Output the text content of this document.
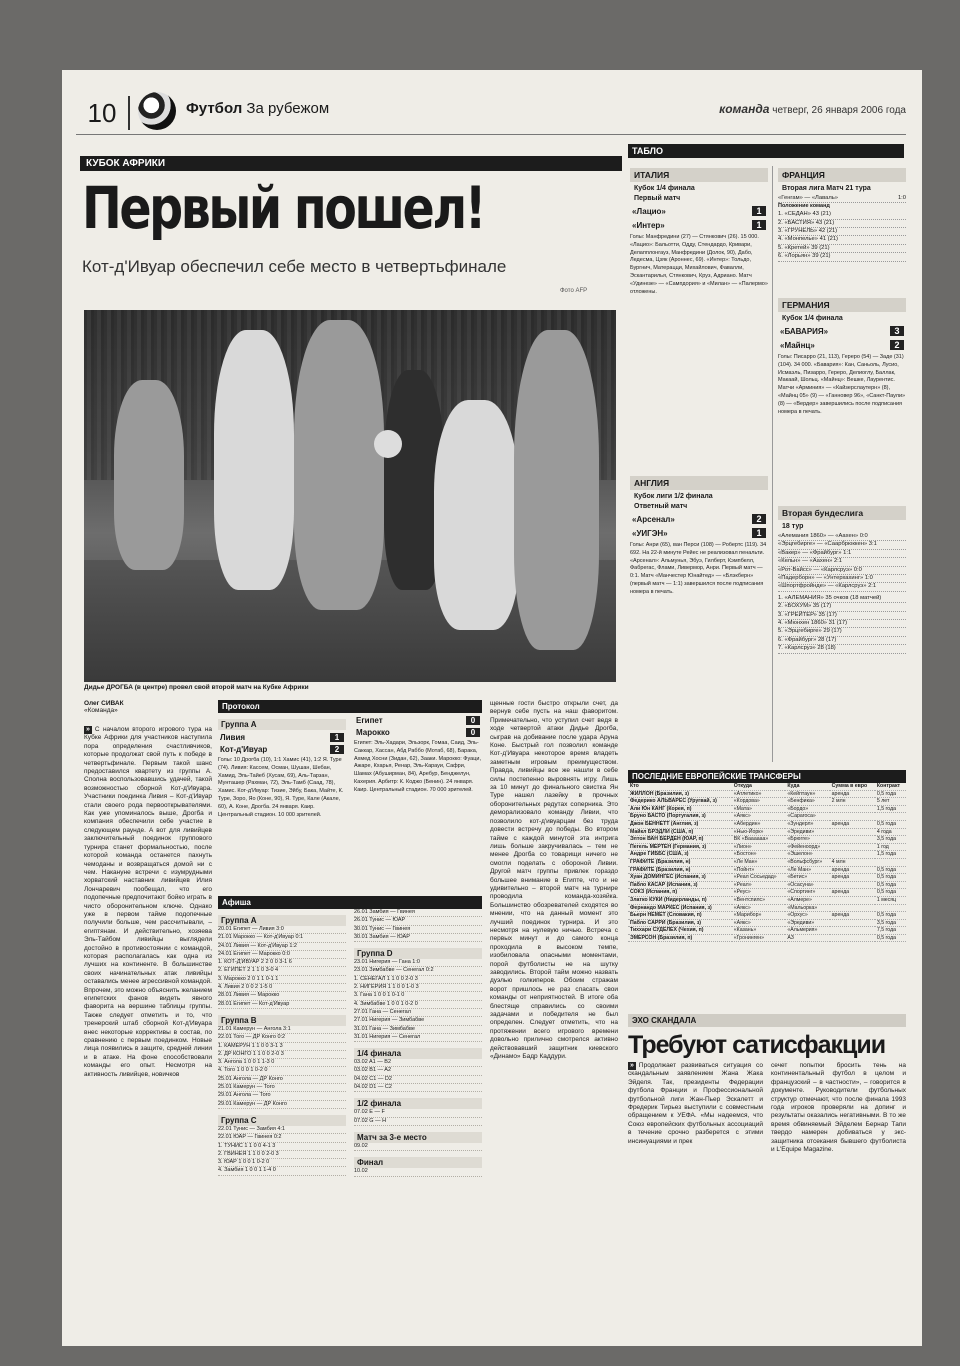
10	Футбол За рубежом	команда четверг, 26 января 2006 года
КУБОК АФРИКИ
Первый пошел!
Кот-д'Ивуар обеспечил себе место в четвертьфинале
Фото AFP
Дидье ДРОГБА (в центре) провел свой второй матч на Кубке Африки
ТАБЛО
ИТАЛИЯ
Кубок 1/4 финала
Первый матч
«Лацио»	1
«Интер»	1
Голы: Манфредини (27) — Стянкович (26). 15 000. «Лацио»: Бальотти, Одду, Стендардо, Кривари, Делапплонгауз, Манфредини (Долок, 90), Дабо, Ледесма, Цзяк (Ароннес, 69). «Интер»: Тольдо, Бургнич, Матерацци, Михайлович, Фавалли, Эскантарилья, Стянкович, Круз, Адриано. Матч «Удинезе» — «Сампдория» и «Милан» — «Палермо» отложены.
АНГЛИЯ
Кубок лиги 1/2 финала
Ответный матч
«Арсенал»	2
«УИГЭН»	1
Голы: Анри (65), ван Перси (108) — Робертс (119). 34 692. На 22-й минуте Рейес не реализовал пенальти. «Арсенал»: Альмунья, Эбуэ, Гилберт, Кэмпбелл, Фабрегас, Флами, Ливермор, Анри. Первый матч — 0:1. Матч «Манчестер Юнайтед» — «Блэкберн» (первый матч — 1:1) завершился после подписания номера в печать.
ФРАНЦИЯ
Вторая лига Матч 21 тура
«Генгам» — «Лаваль»	1:0
Положение команд
1. «СЕДАН» 43 (21)
2. «БАСТИЯ» 43 (21)
3. «ГРУНЕЛЬ» 42 (21)
4. «Монпелье» 41 (21)
5. «Кретей» 39 (21)
6. «Лорьян» 39 (21)
ГЕРМАНИЯ
Кубок 1/4 финала
«БАВАРИЯ»	3
«Майнц»	2
Голы: Писарро (21, 113), Гереро (54) — Заде (31) (104). 34 000. «Бавария»: Кан, Саньоль, Лусио, Исмаэль, Пизарро, Гереро, Делиоглу, Баллак, Макаай, Шольц. «Майнц»: Вешке, Лаурентис. Матчи «Арминия» — «Кайзерслаутерн» (8), «Майнц 05» (9) — «Ганновер 96», «Санкт-Паули» (8) — «Вердер» завершились после подписания номера в печать.
Вторая бундеслига
18 тур
«Алемания 1860» — «Аахен» 0:0
«Эрцгебирге» — «Саарбрюккен» 3:1
«Вакер» — «Фрайбург» 1:1
«Кельн» — «Аахен» 2:1
«Рот-Вайсс» — «Карлсруэ» 0:0
«Падерборн» — «Унтерхахинг» 1:0
«Шпортфройнде» — «Карлсруэ» 2:1
1. «АЛЕМАНИЯ» 35 очков (18 матчей)
2. «БОХУМ» 35 (17)
3. «ГРЕЙТЕР» 35 (17)
4. «Мюнхен 1860» 31 (17)
5. «Эрцгебирге» 29 (17)
6. «Фрайбург» 28 (17)
7. «Карлсруэ» 28 (18)
Олег СИВАК
«Команда»
» С началом второго игрового тура на Кубке Африки для участников наступила пора определения счастливчиков, которые продолжат свой путь к победе в четвертьфинале. Первым такой шанс предоставился квартету из группы А. Сполна воспользовавшись удачей, такой возможностью сборной Кот-д'Ивуара. Участники поединка Ливия – Кот-д'Ивуар стали своего рода первооткрывателями. Как уже упоминалось выше, Дрогба и компания обеспечили себе участие в следующем раунде. А вот для ливийцев заключительный поединок группового турнира станет формальностью, после которой команда останется пахнуть чемоданы и возвращаться домой ни с чем. Накануне встречи с изумрудными хорватский наставник ливийцев Илия Лончаревич пообещал, что его подопечные предпочитают бойко играть в чисто оборонительном ключе. Однако уже в первом тайме подопечные получили больше, чем рассчитывали, – египтянам. И действительно, хозяева Эль-Тайбом ливийцы выглядели достойно в противостоянии с командой, которая располагалась как одна из лучших на континенте. В большинстве своих начинательных атак ливийцы оставались менее агрессивной командой. Впрочем, это можно объяснить желанием египетских фанов видеть явного фаворита на вершине таблицы группы. Также следует отметить и то, что тренерский штаб сборной Кот-д'Ивуара внес некоторые коррективы в состав, по сравнению с первым поединком. Новые лица появились в защите, средней линии и в атаке. На фоне способствовали команды его опыт. Несмотря на активность ливийцев, новичков
Протокол
Группа А
Ливия	1
Кот-д'Ивуар	2
Голы: 10 Дрогба (10), 1:1 Хамис (41), 1:2 Я. Туре (74). Ливия: Кассем, Осман, Шушан, Шебан, Хамид, Эль-Тайеб (Хусам, 69), Аль-Тарзан, Мунташер (Рахман, 72), Эль-Тамб (Саад, 78), Хамис. Кот-д'Ивуар: Тизие, Эйбу, Бака, Майте, К. Туре, Зоро, Яо (Коне, 90), Я. Туре, Кале (Акале, 60), А. Коне, Дрогба. 24 января. Каир. Центральный стадион. 10 000 зрителей.
Египет	0
Марокко	0
Египет: Эль-Хадари, Эльзорк, Гомаа, Саид, Эль-Саккар, Хассан, Абд Раббо (Мотаб, 68), Барака, Ахмед Хосни (Зидан, 62), Зааки. Марокко: Фуаци, Ажаре, Кхарья, Ренар, Эль-Карауи, Сафри, Шамах (Абуширман, 84), Аребур, Бенджелун, Кахерия. Арбитр: К. Коджо (Бенин). 24 января. Каир. Центральный стадион. 70 000 зрителей.
Афиша
Группа А
20.01 Египет — Ливия 3:0
21.01 Марокко — Кот-д'Ивуар 0:1
24.01 Ливия — Кот-д'Ивуар 1:2
24.01 Египет — Марокко 0:0
1. КОТ-Д'ИВУАР 2 2 0 0 3-1 6
2. ЕГИПЕТ 2 1 1 0 3-0 4
3. Марокко 2 0 1 1 0-1 1
4. Ливия 2 0 0 2 1-5 0
28.01 Ливия — Марокко
28.01 Египет — Кот-д'Ивуар
Группа В
21.01 Камерун — Ангола 3:1
22.01 Того — ДР Конго 0:2
1. КАМЕРУН 1 1 0 0 3-1 3
2. ДР КОНГО 1 1 0 0 2-0 3
3. Ангола 1 0 0 1 1-3 0
4. Того 1 0 0 1 0-2 0
25.01 Ангола — ДР Конго
25.01 Камерун — Того
29.01 Ангола — Того
29.01 Камерун — ДР Конго
Группа С
22.01 Тунис — Замбия 4:1
22.01 ЮАР — Гвинея 0:2
1. ТУНИС 1 1 0 0 4-1 3
2. ГВИНЕЯ 1 1 0 0 2-0 3
3. ЮАР 1 0 0 1 0-2 0
4. Замбия 1 0 0 1 1-4 0
26.01 Замбия — Гвинея
26.01 Тунис — ЮАР
30.01 Тунис — Гвинея
30.01 Замбия — ЮАР
Группа D
23.01 Нигерия — Гана 1:0
23.01 Зимбабве — Сенегал 0:2
1. СЕНЕГАЛ 1 1 0 0 2-0 3
2. НИГЕРИЯ 1 1 0 0 1-0 3
3. Гана 1 0 0 1 0-1 0
4. Зимбабве 1 0 0 1 0-2 0
27.01 Гана — Сенегал
27.01 Нигерия — Зимбабве
31.01 Гана — Зимбабве
31.01 Нигерия — Сенегал
1/4 финала
03.02 A1 — B2
03.02 B1 — A2
04.02 C1 — D2
04.02 D1 — C2
1/2 финала
07.02 E — F
07.02 G — H
Матч за 3-е место
09.02
Финал
10.02
щенные гости быстро открыли счет, да вернув себе пусть на наш фаворитом. Примечательно, что уступил счет ведя в ходе четвертой атаки Дидье Дрогба, сыграв на добивание после удара Аруна Коне. Быстрый гол позволил команде Кот-д'Ивуара некоторое время владеть заметным игровым преимуществом. Правда, ливийцы все же нашли в себе силы постепенно выровнять игру. Лишь за 10 минут до финального свистка Ян Туре нашел лазейку в прочных оборонительных редутах соперника. Это деморализовало команду Ливии, что позволило кот-д'ивуарцам без труда довести встречу до победы. Во втором тайме с каждой минутой эта интрига лишь больше закручивалась – тем не менее Дрогба со товарищи ничего не смогли поделать с обороной Ливии. Другой матч группы привлек гораздо большее внимание в Египте, что и не удивительно – второй матч на турнире проводила команда-хозяйка. Большинство обозревателей сходятся во мнении, что на данный момент это лучший поединок турнира. И это несмотря на нулевую ничью. Встреча с первых минут и до самого конца проходила в высоком темпе, изобиловала опасными моментами, порой футболисты не на шутку заводились. Второй тайм можно назвать дуэлью голкиперов. Обоим стражам ворот пришлось не раз спасать свои команды от неприятностей. В итоге оба блестяще справились со своими задачами и победителя не был определен. Следует отметить, что на протяжении всего игрового времени довольно прилично смотрелся активно действовавший защитник киевского «Динамо» Бадр Каддури.
ПОСЛЕДНИЕ ЕВРОПЕЙСКИЕ ТРАНСФЕРЫ
Кто	Откуда	Куда	Сумма в евро	Контракт
ЖИЛЛОН (Бразилия, з)	«Атлетико»	«Кейптаун»	аренда	0,5 года
Федерико АЛЬВАРЕС (Уругвай, з)	«Кордова»	«Бенфика»	2 млн	5 лет
Али Юн КАНГ (Корея, п)	«Мата»	«Бордо»		1,5 года
Бруно БАСТО (Португалия, з)	«Аякс»	«Сарагоса»		
Джон БЕННЕТТ (Англия, з)	«Абердин»	«Зундерл»	аренда	0,5 года
Майкл БРЭДЛИ (США, п)	«Нью-Йорк»	«Эредиви»		4 года
Элтон ВАН БЕРДЕН (ЮАР, п)	ВК «Ваааааа»	«Брюгге»		3,5 года
Пегель МЕРТЕН (Германия, з)	«Лион»	«Фейеноорд»		1 год
Андре ГИББС (США, з)	«Бостон»	«Эшелон»		1,5 года
ГРАФИТЕ (Бразилия, н)	«Ле Ман»	«Вольфсбург»	4 млн	
ГРАФИТЕ (Бразилия, н)	«Пойнт»	«Ле Ман»	аренда	0,5 года
Хуан ДОМИНГЕС (Испания, з)	«Реал Сосьедад»	«Бетис»	аренда	0,5 года
Паблo КАСАР (Испания, з)	«Реал»	«Осасуна»		0,5 года
СОКЗ (Испания, п)	«Реус»	«Спортинг»	аренда	0,5 года
Златко КУКИ (Нидерланды, п)	«Вентспилс»	«Алмере»		1 месяц
Фернандо МАРКЕС (Испания, з)	«Аякс»	«Мальорка»		
Бьерн НЕМЕТ (Словакия, п)	«Марибор»	«Орхус»	аренда	0,5 года
Пабло САРРИ (Бразилия, з)	«Аякс»	«Эредиви»		3,5 года
Тиххари СУДЕЛЕХ (Чехия, п)	«Казань»	«Альмерия»		7,5 года
ЭМЕРСОН (Бразилия, п)	«Гронинген»	АЗ		0,5 года
ЭХО СКАНДАЛА
Требуют сатисфакции
» Продолжает развиваться ситуация со скандальным заявлением Жана Жака Эйделя. Так, президенты Федерации футбола Франции и Профессиональной футбольной лиги Жан-Пьер Эскалетт и Фредерик Тирьез выступили с совместным обращением к УЕФА. «Мы надеемся, что Союз европейских футбольных ассоциаций в течение срочно разберется с этими инсинуациями и прек
сечет попытки бросить тень на континентальный футбол в целом и французский – в частности», – говорится в документе. Руководители футбольных структур отмечают, что после финала 1993 года игроков проверяли на допинг и результаты оказались негативными. В то же время обвиняемый Эйделем Бернар Тапи твердо намерен добиваться у экс-защитника отсекания бывшего футболиста и L'Equipe Magazine.
